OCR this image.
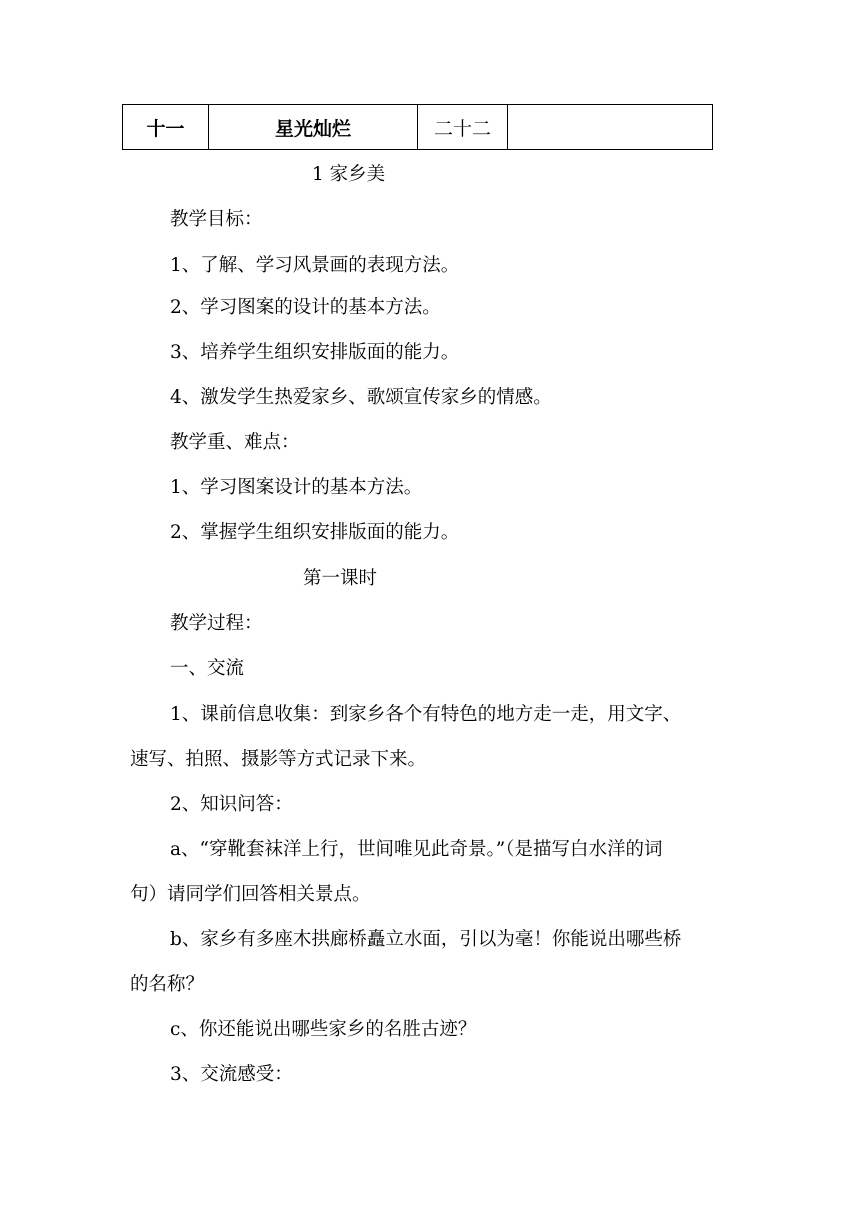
十一	星光灿烂	二十二	
1 家乡美
教学目标：
1、了解、学习风景画的表现方法。
2、学习图案的设计的基本方法。
3、培养学生组织安排版面的能力。
4、激发学生热爱家乡、歌颂宣传家乡的情感。
教学重、难点：
1、学习图案设计的基本方法。
2、掌握学生组织安排版面的能力。
第一课时
教学过程：
一、交流
1、课前信息收集：到家乡各个有特色的地方走一走，用文字、
速写、拍照、摄影等方式记录下来。
2、知识问答：
a、“穿靴套袜洋上行，世间唯见此奇景。”（是描写白水洋的词
句）请同学们回答相关景点。
b、家乡有多座木拱廊桥矗立水面，引以为毫！你能说出哪些桥
的名称？
c、你还能说出哪些家乡的名胜古迹？
3、交流感受：
